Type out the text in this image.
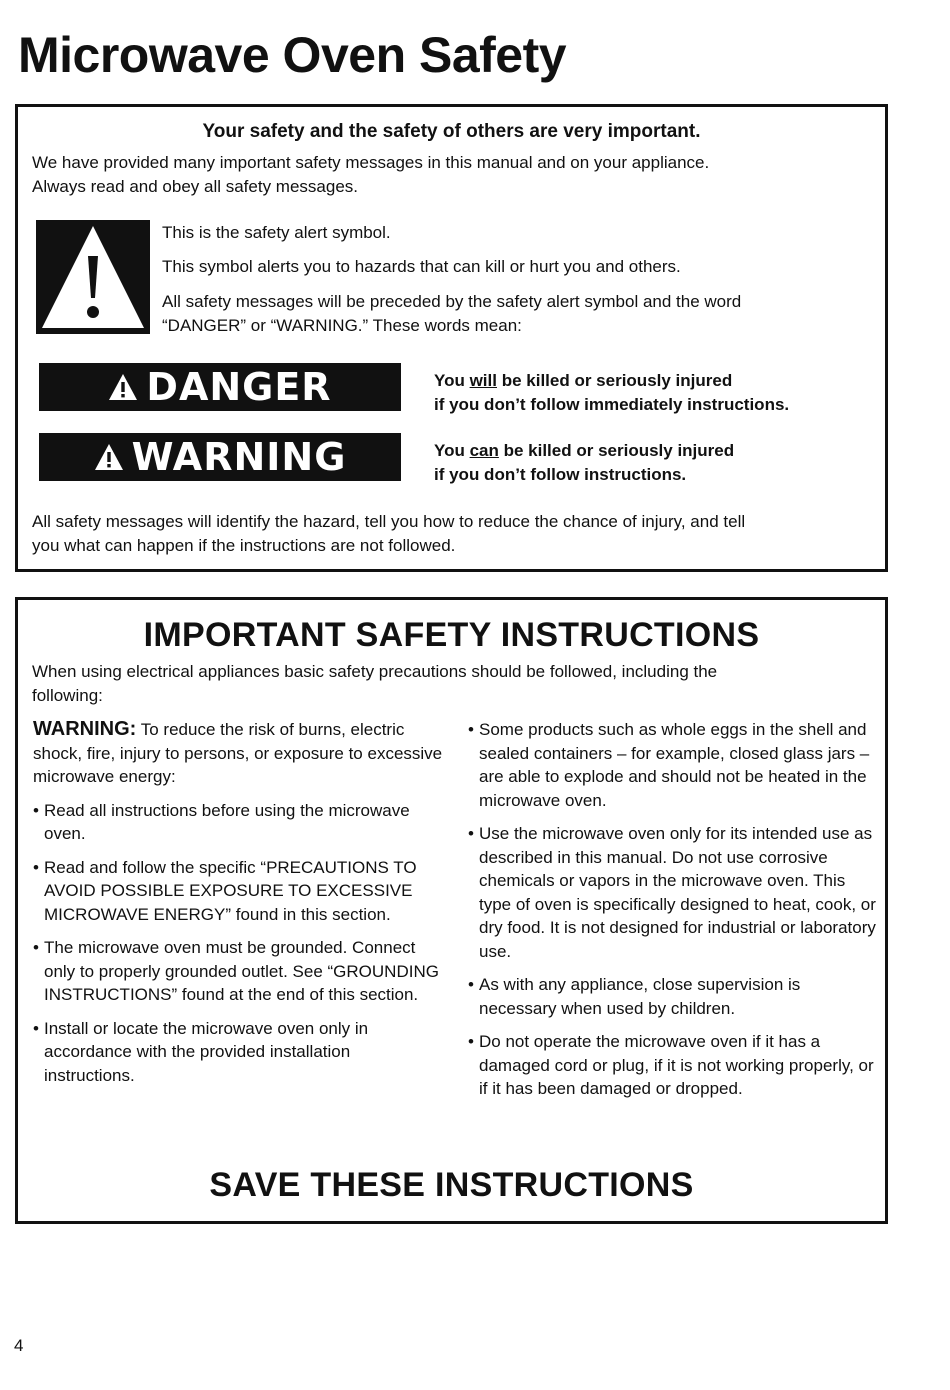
Microwave Oven Safety

Your safety and the safety of others are very important.

We have provided many important safety messages in this manual and on your appliance.

Always read and obey all safety messages.

This is the safety alert symbol.

This symbol alerts you to hazards that can kill or hurt you and others.

All safety messages will be preceded by the safety alert symbol and the word

“DANGER” or “WARNING.” These words mean:

DANGER	You will be killed or seriously injured
if you don’t follow immediately instructions.

WARNING	You can be killed or seriously injured
if you don’t follow instructions.

All safety messages will identify the hazard, tell you how to reduce the chance of injury, and tell

you what can happen if the instructions are not followed.

IMPORTANT SAFETY INSTRUCTIONS

When using electrical appliances basic safety precautions should be followed, including the

following:

WARNING: To reduce the risk of burns, electric shock, fire, injury to persons, or exposure to excessive microwave energy:
• Read all instructions before using the microwave oven.
• Read and follow the specific “PRECAUTIONS TO AVOID POSSIBLE EXPOSURE TO EXCESSIVE MICROWAVE ENERGY” found in this section.
• The microwave oven must be grounded. Connect only to properly grounded outlet. See “GROUNDING INSTRUCTIONS” found at the end of this section.
• Install or locate the microwave oven only in accordance with the provided installation instructions.
• Some products such as whole eggs in the shell and sealed containers – for example, closed glass jars – are able to explode and should not be heated in the microwave oven.
• Use the microwave oven only for its intended use as described in this manual. Do not use corrosive chemicals or vapors in the microwave oven. This type of oven is specifically designed to heat, cook, or dry food. It is not designed for industrial or laboratory use.
• As with any appliance, close supervision is necessary when used by children.
• Do not operate the microwave oven if it has a damaged cord or plug, if it is not working properly, or if it has been damaged or dropped.

SAVE THESE INSTRUCTIONS

4
